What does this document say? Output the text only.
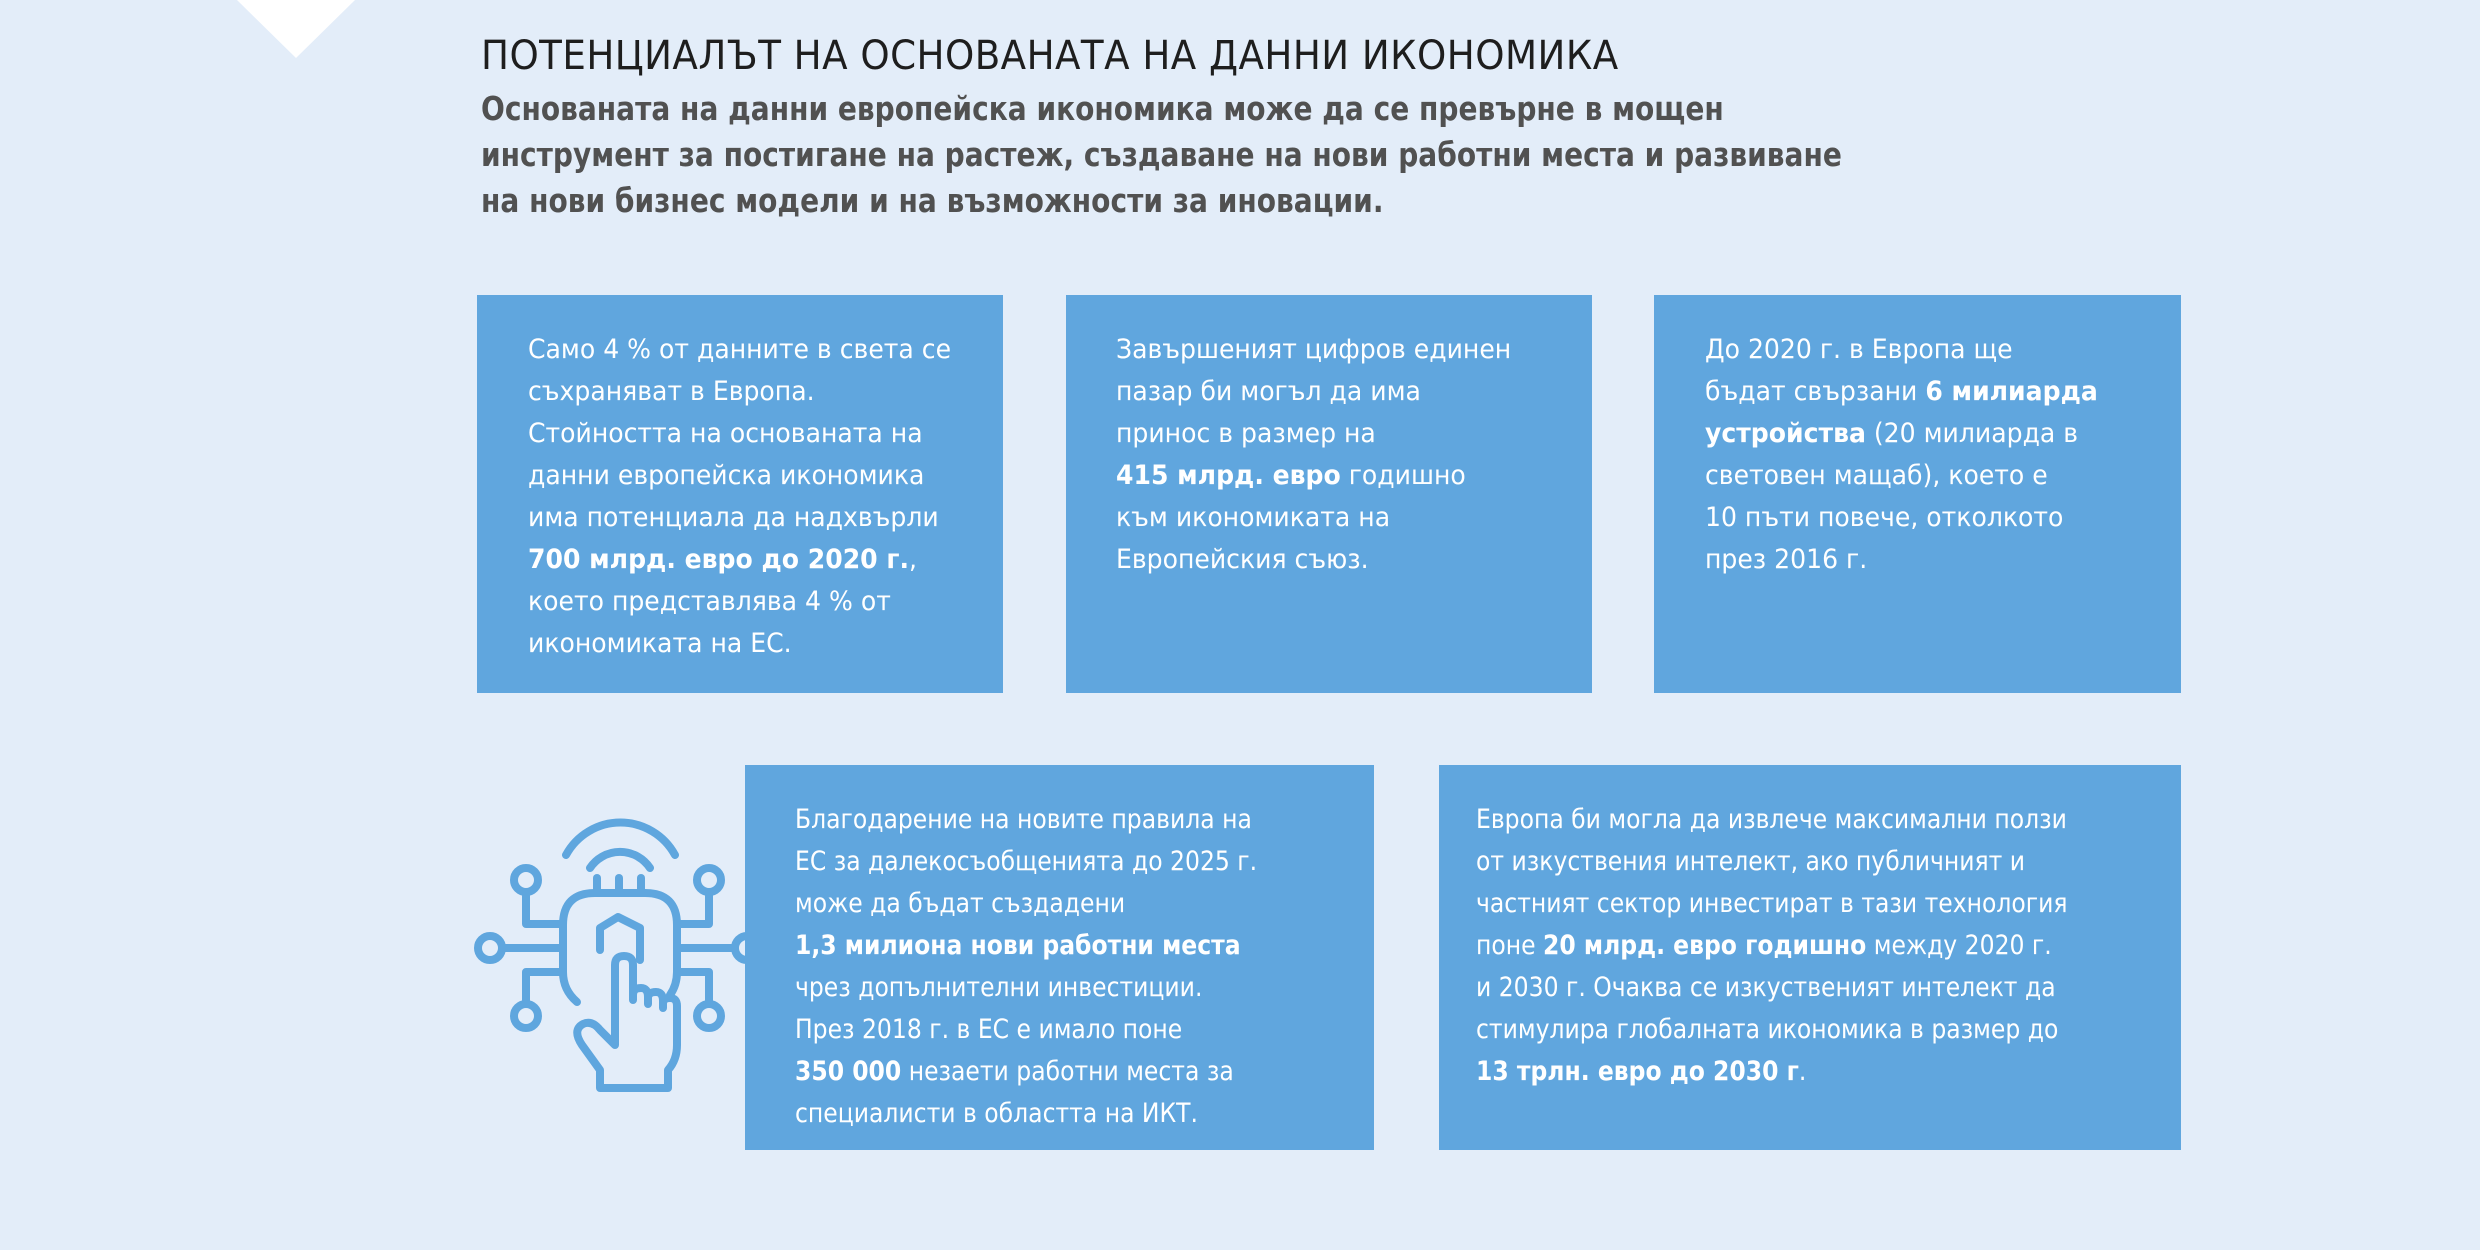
ПОТЕНЦИАЛЪТ НА ОСНОВАНАТА НА ДАННИ ИКОНОМИКА

Основаната на данни европейска икономика може да се превърне в мощен инструмент за постигане на растеж, създаване на нови работни места и развиване на нови бизнес модели и на възможности за иновации.

Само 4 % от данните в света се
съхраняват в Европа.
Стойността на основаната на
данни европейска икономика
има потенциала да надхвърли
700 млрд. евро до 2020 г.,
което представлява 4 % от
икономиката на ЕС.

Завършеният цифров единен
пазар би могъл да има
принос в размер на
415 млрд. евро годишно
към икономиката на
Европейския съюз.

До 2020 г. в Европа ще
бъдат свързани 6 милиарда
устройства (20 милиарда в
световен мащаб), което е
10 пъти повече, отколкото
през 2016 г.

Благодарение на новите правила на
ЕС за далекосъобщенията до 2025 г.
може да бъдат създадени
1,3 милиона нови работни места
чрез допълнителни инвестиции.
През 2018 г. в ЕС е имало поне
350 000 незаети работни места за
специалисти в областта на ИКТ.

Европа би могла да извлече максимални ползи
от изкуствения интелект, ако публичният и
частният сектор инвестират в тази технология
поне 20 млрд. евро годишно между 2020 г.
и 2030 г. Очаква се изкуственият интелект да
стимулира глобалната икономика в размер до
13 трлн. евро до 2030 г.
